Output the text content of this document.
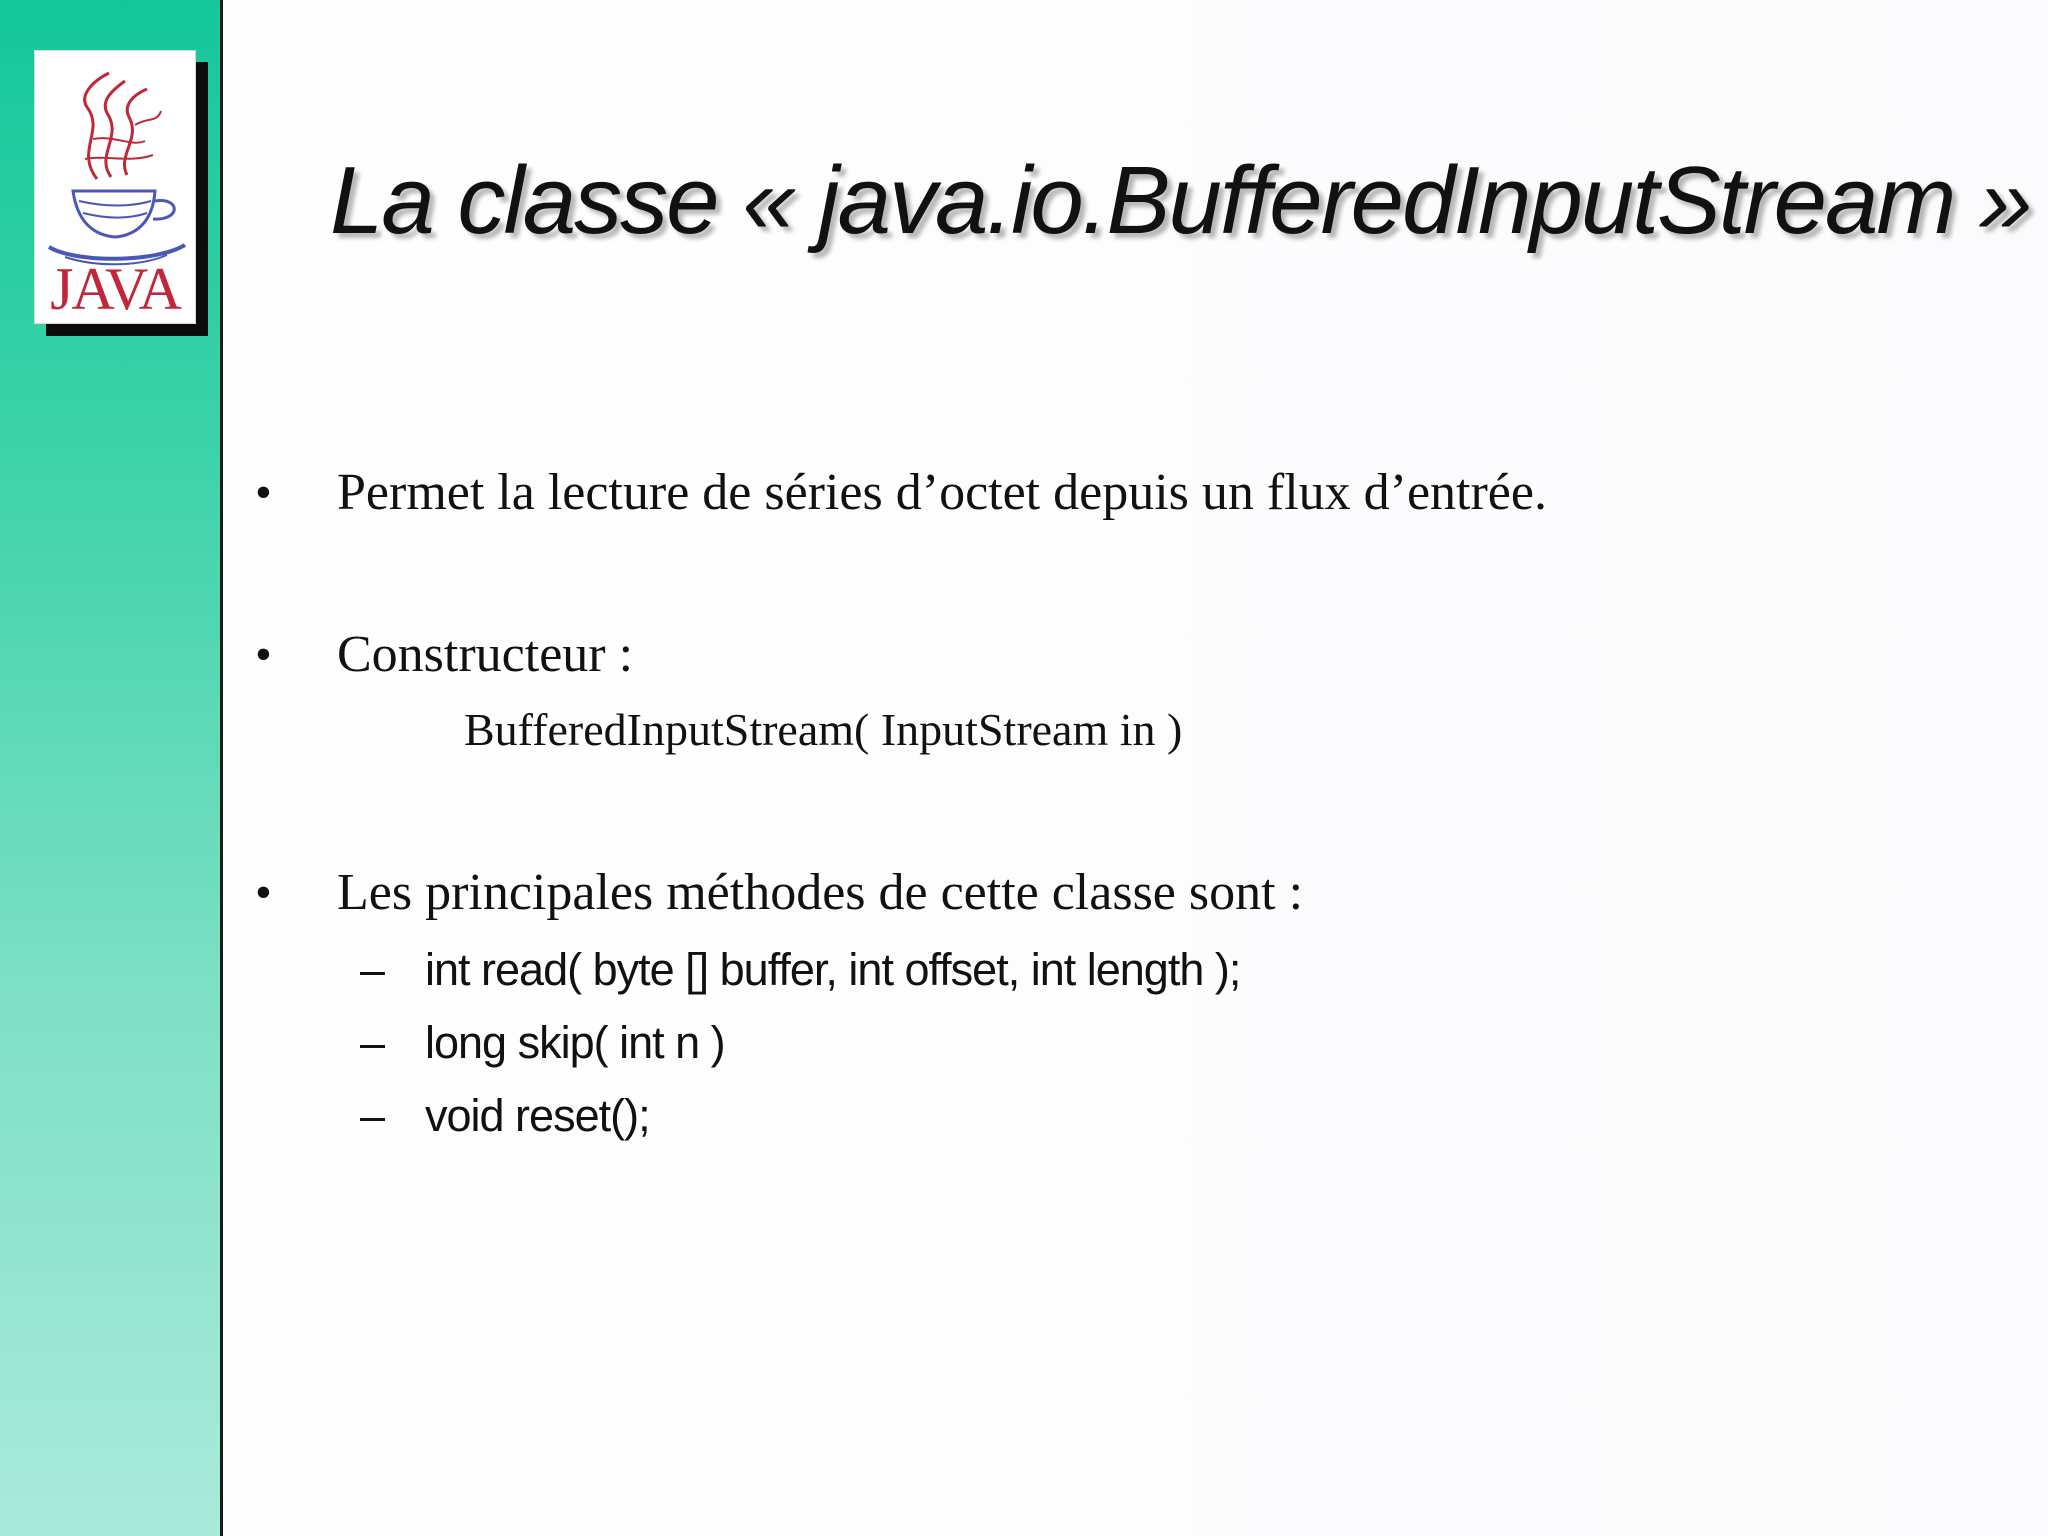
JAVA
La classe « java.io.BufferedInputStream »
•	Permet la lecture de séries d’octet depuis un flux d’entrée.
•	Constructeur :
BufferedInputStream( InputStream in )
•	Les principales méthodes de cette classe sont :
– int read( byte [] buffer, int offset, int length );
– long skip( int n )
– void reset();
